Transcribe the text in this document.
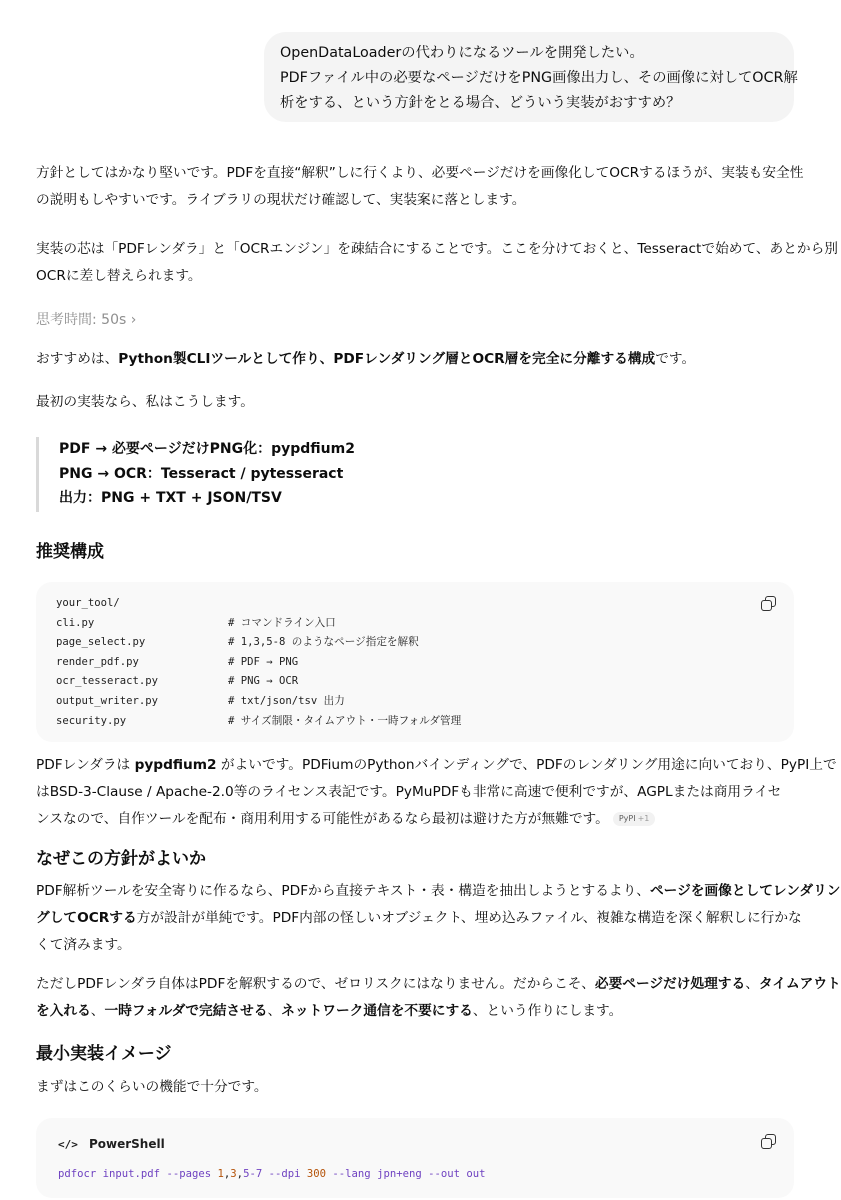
OpenDataLoaderの代わりになるツールを開発したい。
PDFファイル中の必要なページだけをPNG画像出力し、その画像に対してOCR解
析をする、という方針をとる場合、どういう実装がおすすめ？
方針としてはかなり堅いです。PDFを直接“解釈”しに行くより、必要ページだけを画像化してOCRするほうが、実装も安全性
の説明もしやすいです。ライブラリの現状だけ確認して、実装案に落とします。
実装の芯は「PDFレンダラ」と「OCRエンジン」を疎結合にすることです。ここを分けておくと、Tesseractで始めて、あとから別
OCRに差し替えられます。
思考時間: 50s ›
おすすめは、Python製CLIツールとして作り、PDFレンダリング層とOCR層を完全に分離する構成です。
最初の実装なら、私はこうします。
PDF → 必要ページだけPNG化：pypdfium2
PNG → OCR：Tesseract / pytesseract
出力：PNG + TXT + JSON/TSV
推奨構成
your_tool/
cli.py	# コマンドライン入口
page_select.py	# 1,3,5-8 のようなページ指定を解釈
render_pdf.py	# PDF → PNG
ocr_tesseract.py	# PNG → OCR
output_writer.py	# txt/json/tsv 出力
security.py	# サイズ制限・タイムアウト・一時フォルダ管理
PDFレンダラは pypdfium2 がよいです。PDFiumのPythonバインディングで、PDFのレンダリング用途に向いており、PyPI上で
はBSD-3-Clause / Apache-2.0等のライセンス表記です。PyMuPDFも非常に高速で便利ですが、AGPLまたは商用ライセ
ンスなので、自作ツールを配布・商用利用する可能性があるなら最初は避けた方が無難です。 PyPI +1
なぜこの方針がよいか
PDF解析ツールを安全寄りに作るなら、PDFから直接テキスト・表・構造を抽出しようとするより、ページを画像としてレンダリン
グしてOCRする方が設計が単純です。PDF内部の怪しいオブジェクト、埋め込みファイル、複雑な構造を深く解釈しに行かな
くて済みます。
ただしPDFレンダラ自体はPDFを解釈するので、ゼロリスクにはなりません。だからこそ、必要ページだけ処理する、タイムアウト
を入れる、一時フォルダで完結させる、ネットワーク通信を不要にする、という作りにします。
最小実装イメージ
まずはこのくらいの機能で十分です。
</> PowerShell
pdfocr input.pdf --pages 1,3,5-7 --dpi 300 --lang jpn+eng --out out
